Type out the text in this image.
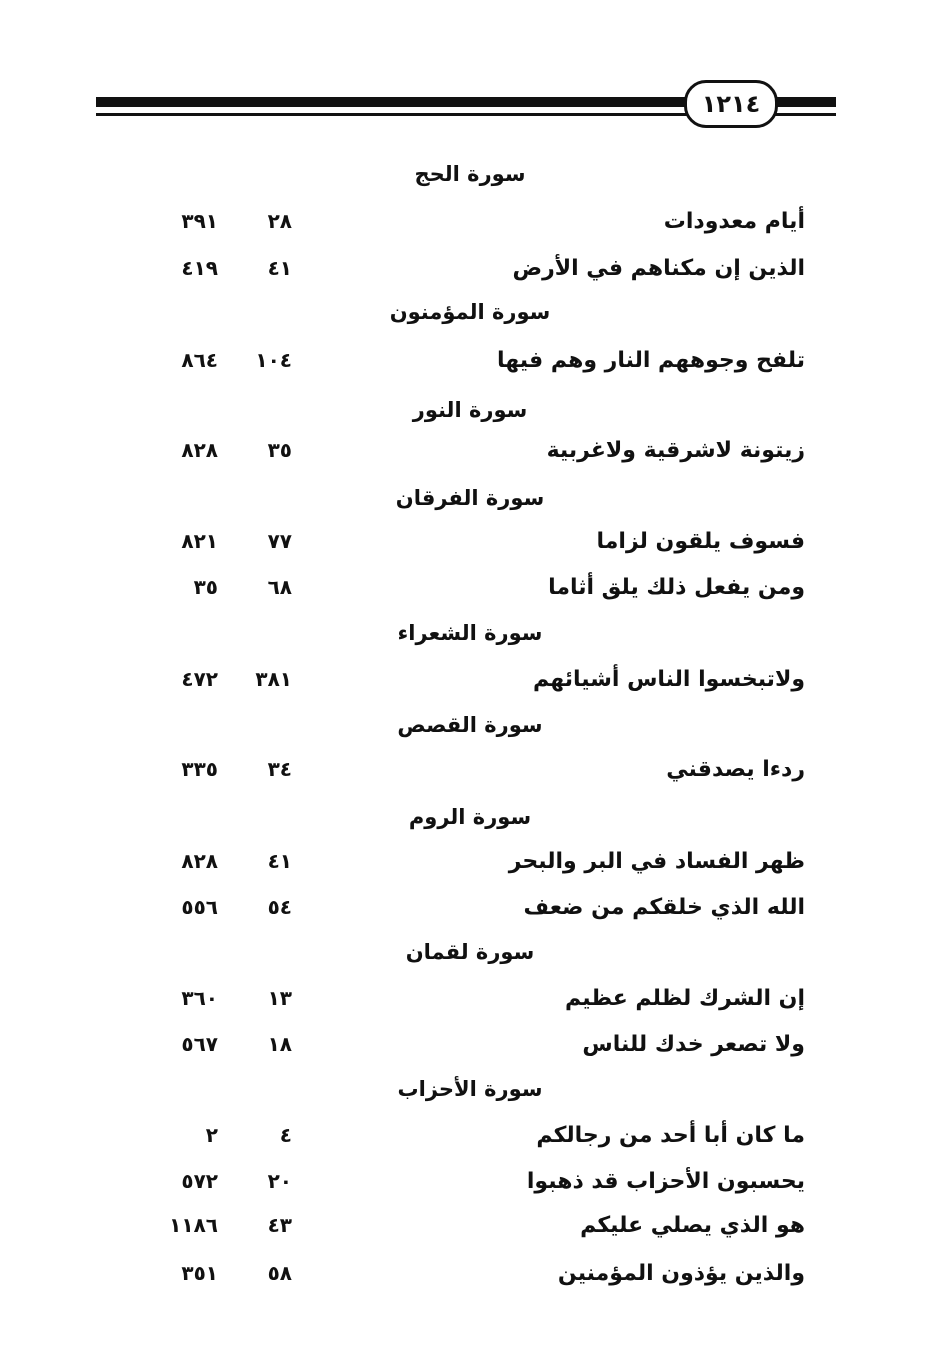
١٢١٤
سورة الحج
أيام معدودات
٢٨
٣٩١
الذين إن مكناهم في الأرض
٤١
٤١٩
سورة المؤمنون
تلفح وجوههم النار وهم فيها
١٠٤
٨٦٤
سورة النور
زيتونة لاشرقية ولاغربية
٣٥
٨٢٨
سورة الفرقان
فسوف يلقون لزاما
٧٧
٨٢١
ومن يفعل ذلك يلق أثاما
٦٨
٣٥
سورة الشعراء
ولاتبخسوا الناس أشيائهم
٣٨١
٤٧٢
سورة القصص
ردءا يصدقني
٣٤
٣٣٥
سورة الروم
ظهر الفساد في البر والبحر
٤١
٨٢٨
الله الذي خلقكم من ضعف
٥٤
٥٥٦
سورة لقمان
إن الشرك لظلم عظيم
١٣
٣٦٠
ولا تصعر خدك للناس
١٨
٥٦٧
سورة الأحزاب
ما كان أبا أحد من رجالكم
٤
٢
يحسبون الأحزاب قد ذهبوا
٢٠
٥٧٢
هو الذي يصلي عليكم
٤٣
١١٨٦
والذين يؤذون المؤمنين
٥٨
٣٥١
